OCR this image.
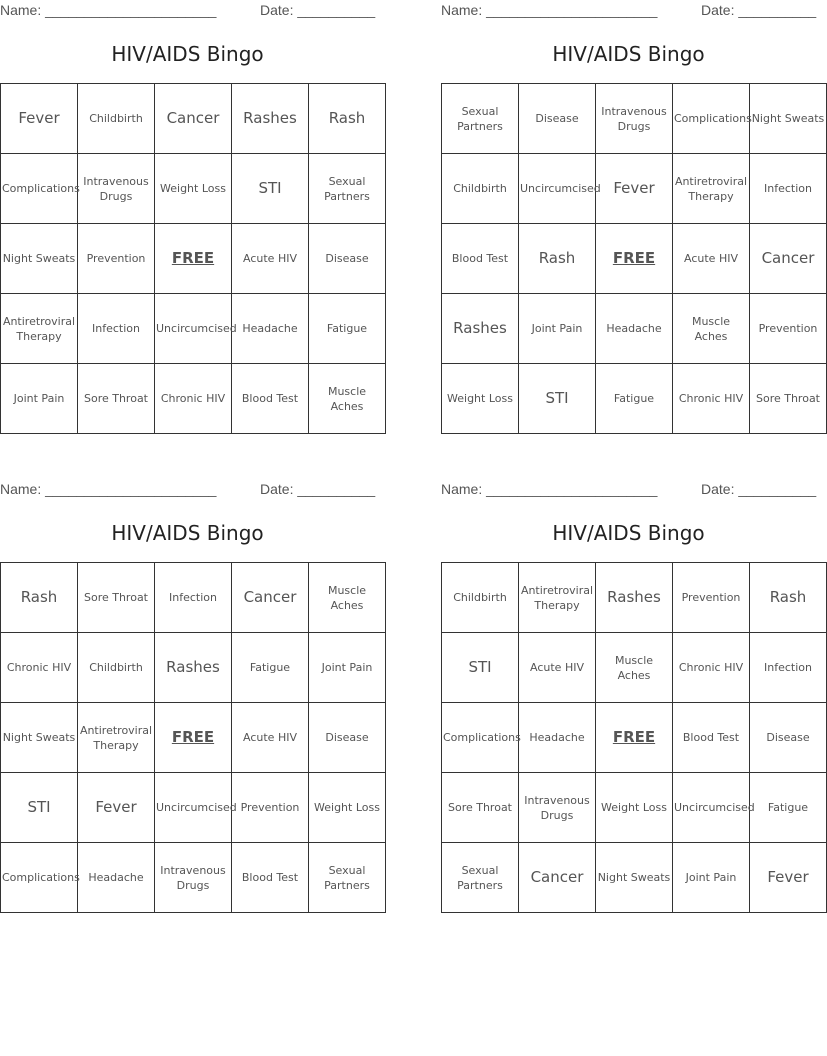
Name: ______________________	Date: __________
HIV/AIDS Bingo
Fever	Childbirth	Cancer	Rashes	Rash
Complications	Intravenous Drugs	Weight Loss	STI	Sexual Partners
Night Sweats	Prevention	FREE	Acute HIV	Disease
Antiretroviral Therapy	Infection	Uncircumcised	Headache	Fatigue
Joint Pain	Sore Throat	Chronic HIV	Blood Test	Muscle Aches
Name: ______________________	Date: __________
HIV/AIDS Bingo
Sexual Partners	Disease	Intravenous Drugs	Complications	Night Sweats
Childbirth	Uncircumcised	Fever	Antiretroviral Therapy	Infection
Blood Test	Rash	FREE	Acute HIV	Cancer
Rashes	Joint Pain	Headache	Muscle Aches	Prevention
Weight Loss	STI	Fatigue	Chronic HIV	Sore Throat
Name: ______________________	Date: __________
HIV/AIDS Bingo
Rash	Sore Throat	Infection	Cancer	Muscle Aches
Chronic HIV	Childbirth	Rashes	Fatigue	Joint Pain
Night Sweats	Antiretroviral Therapy	FREE	Acute HIV	Disease
STI	Fever	Uncircumcised	Prevention	Weight Loss
Complications	Headache	Intravenous Drugs	Blood Test	Sexual Partners
Name: ______________________	Date: __________
HIV/AIDS Bingo
Childbirth	Antiretroviral Therapy	Rashes	Prevention	Rash
STI	Acute HIV	Muscle Aches	Chronic HIV	Infection
Complications	Headache	FREE	Blood Test	Disease
Sore Throat	Intravenous Drugs	Weight Loss	Uncircumcised	Fatigue
Sexual Partners	Cancer	Night Sweats	Joint Pain	Fever
